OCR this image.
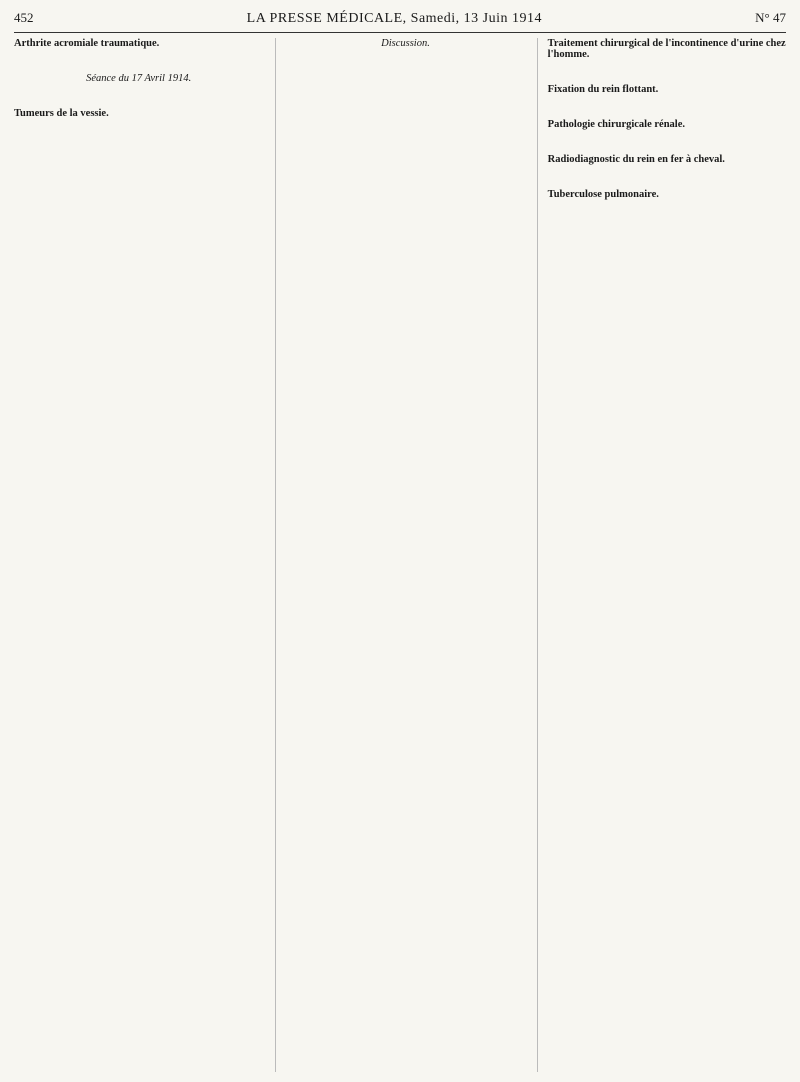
452	LA PRESSE MÉDICALE, Samedi, 13 Juin 1914	N° 47

Arthrite acromiale traumatique.

Séance du 17 Avril 1914.

Tumeurs de la vessie.

Discussion.	Traitement chirurgical de l'incontinence d'urine chez l'homme.

Fixation du rein flottant.

Pathologie chirurgicale rénale.

Radiodiagnostic du rein en fer à cheval.

Tuberculose pulmonaire.
